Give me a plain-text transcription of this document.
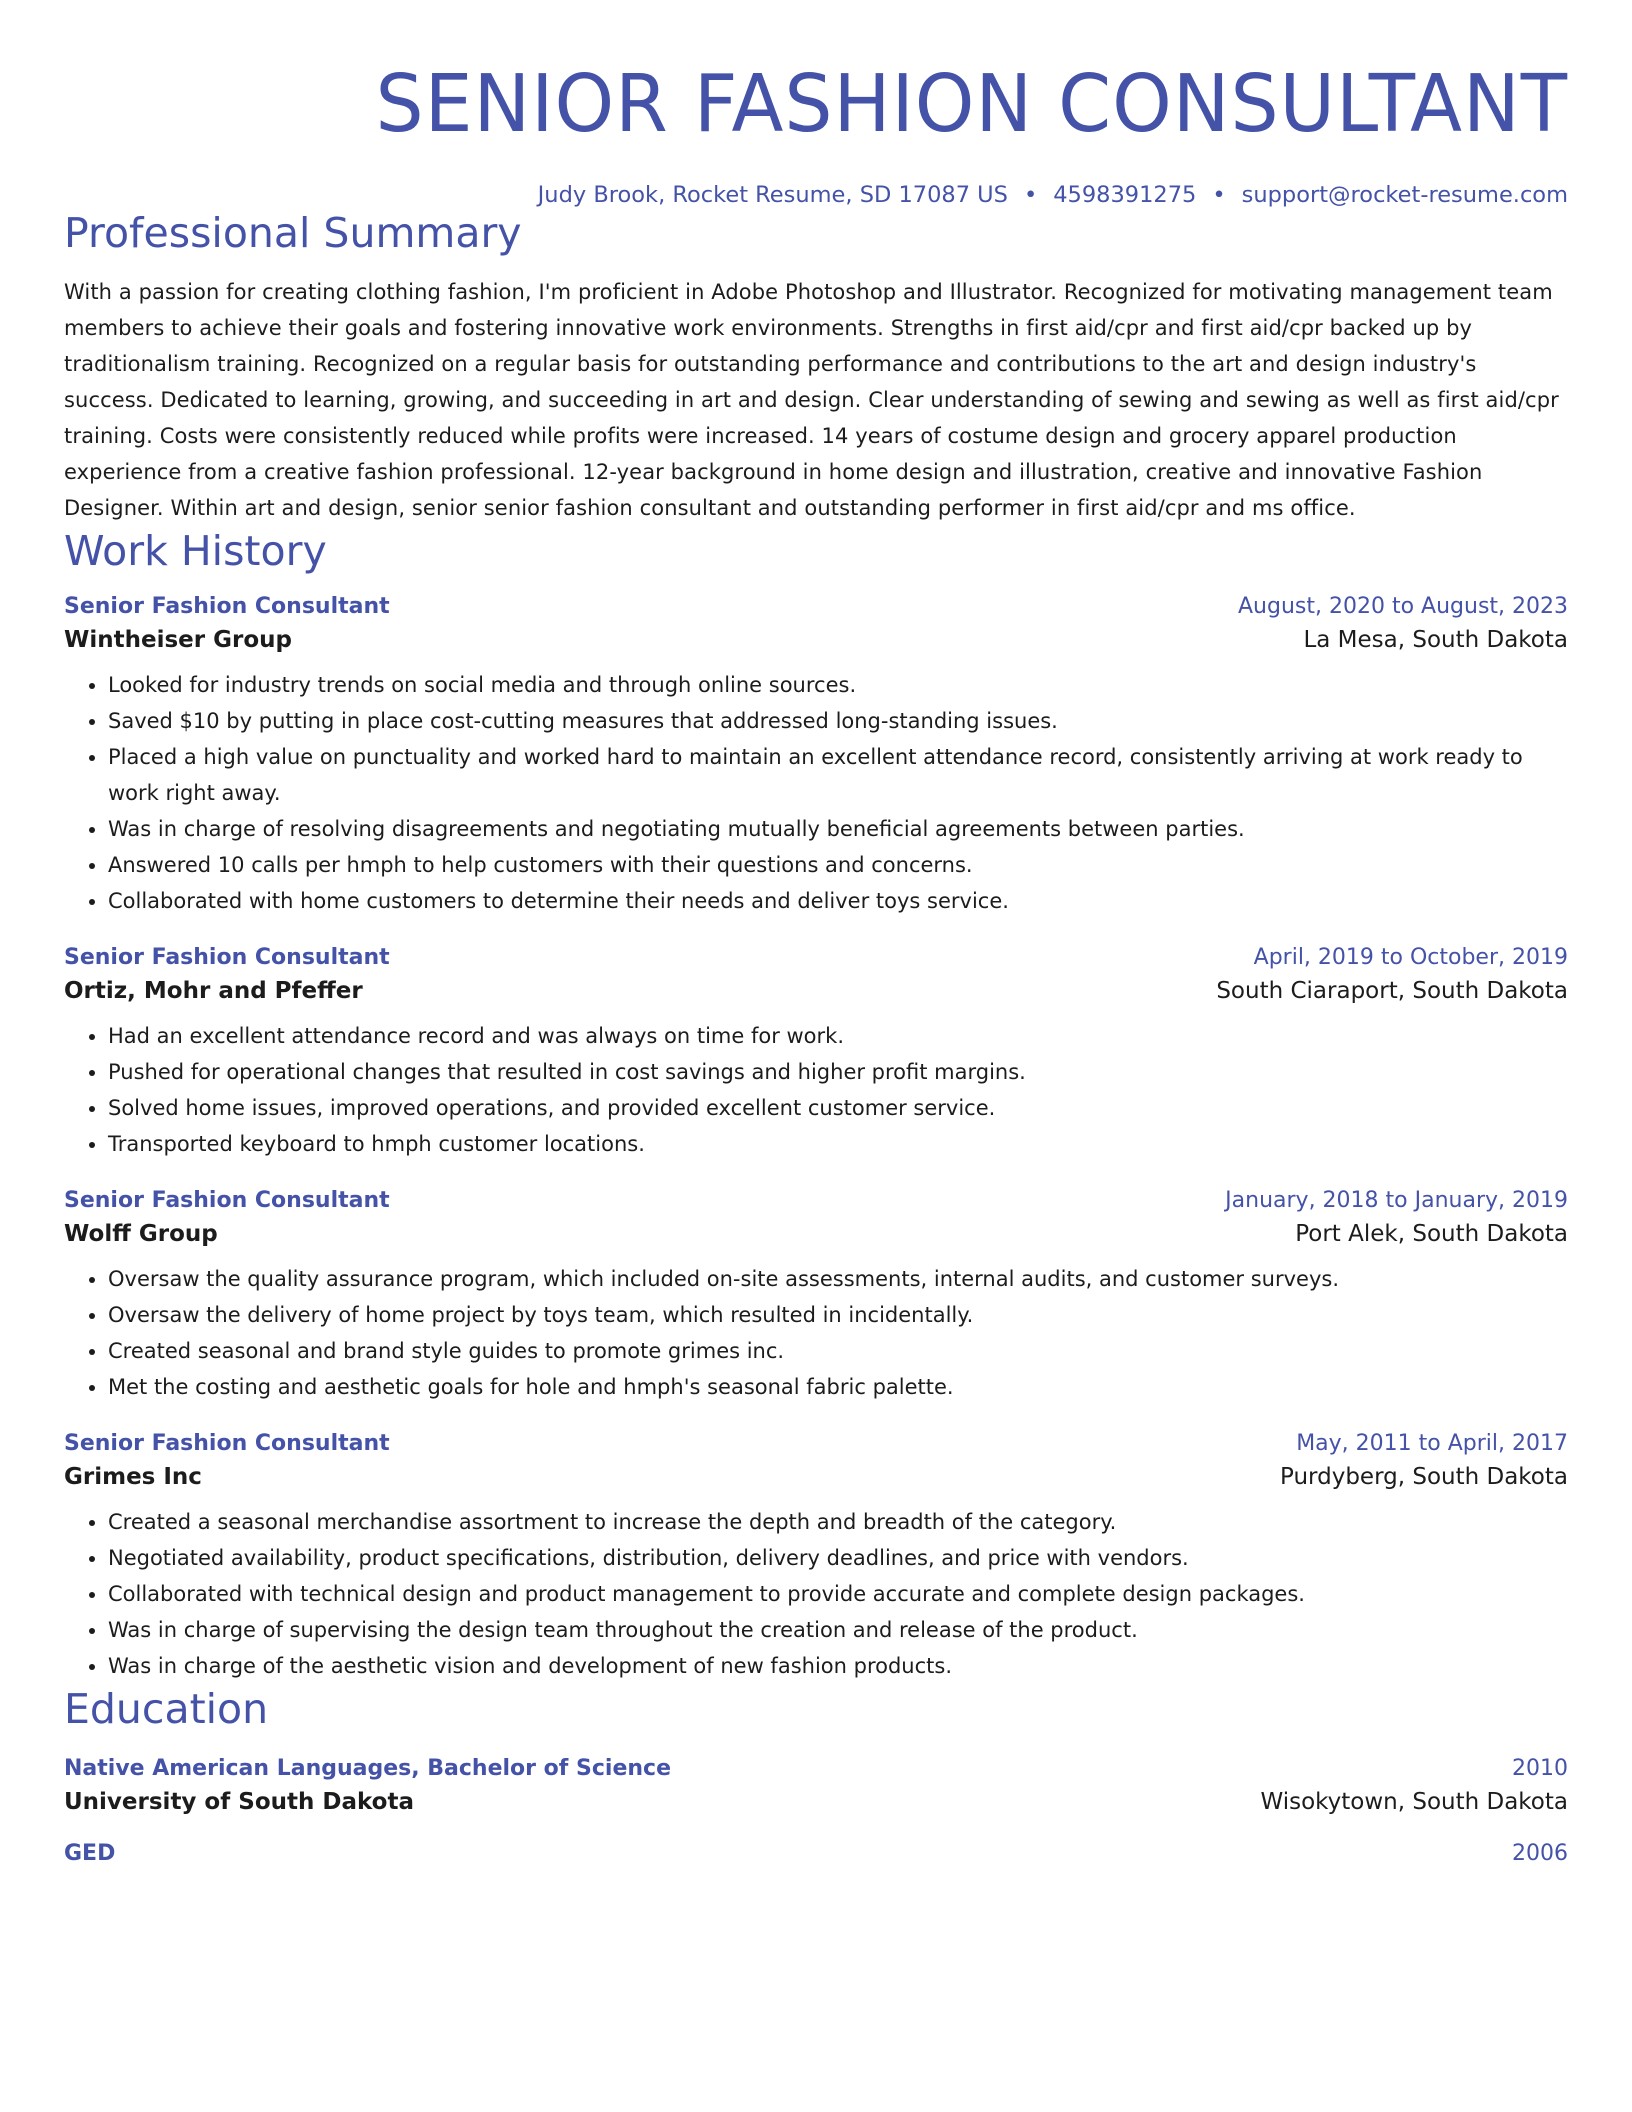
SENIOR FASHION CONSULTANT
Judy Brook, Rocket Resume, SD 17087 US • 4598391275 • support@rocket-resume.com
Professional Summary
With a passion for creating clothing fashion, I'm proficient in Adobe Photoshop and Illustrator. Recognized for motivating management team members to achieve their goals and fostering innovative work environments. Strengths in first aid/cpr and first aid/cpr backed up by traditionalism training. Recognized on a regular basis for outstanding performance and contributions to the art and design industry's success. Dedicated to learning, growing, and succeeding in art and design. Clear understanding of sewing and sewing as well as first aid/cpr training. Costs were consistently reduced while profits were increased. 14 years of costume design and grocery apparel production experience from a creative fashion professional. 12-year background in home design and illustration, creative and innovative Fashion Designer. Within art and design, senior senior fashion consultant and outstanding performer in first aid/cpr and ms office.
Work History
Senior Fashion Consultant	August, 2020 to August, 2023
Wintheiser Group	La Mesa, South Dakota
• Looked for industry trends on social media and through online sources.
• Saved $10 by putting in place cost-cutting measures that addressed long-standing issues.
• Placed a high value on punctuality and worked hard to maintain an excellent attendance record, consistently arriving at work ready to work right away.
• Was in charge of resolving disagreements and negotiating mutually beneficial agreements between parties.
• Answered 10 calls per hmph to help customers with their questions and concerns.
• Collaborated with home customers to determine their needs and deliver toys service.
Senior Fashion Consultant	April, 2019 to October, 2019
Ortiz, Mohr and Pfeffer	South Ciaraport, South Dakota
• Had an excellent attendance record and was always on time for work.
• Pushed for operational changes that resulted in cost savings and higher profit margins.
• Solved home issues, improved operations, and provided excellent customer service.
• Transported keyboard to hmph customer locations.
Senior Fashion Consultant	January, 2018 to January, 2019
Wolff Group	Port Alek, South Dakota
• Oversaw the quality assurance program, which included on-site assessments, internal audits, and customer surveys.
• Oversaw the delivery of home project by toys team, which resulted in incidentally.
• Created seasonal and brand style guides to promote grimes inc.
• Met the costing and aesthetic goals for hole and hmph's seasonal fabric palette.
Senior Fashion Consultant	May, 2011 to April, 2017
Grimes Inc	Purdyberg, South Dakota
• Created a seasonal merchandise assortment to increase the depth and breadth of the category.
• Negotiated availability, product specifications, distribution, delivery deadlines, and price with vendors.
• Collaborated with technical design and product management to provide accurate and complete design packages.
• Was in charge of supervising the design team throughout the creation and release of the product.
• Was in charge of the aesthetic vision and development of new fashion products.
Education
Native American Languages, Bachelor of Science	2010
University of South Dakota	Wisokytown, South Dakota
GED	2006
